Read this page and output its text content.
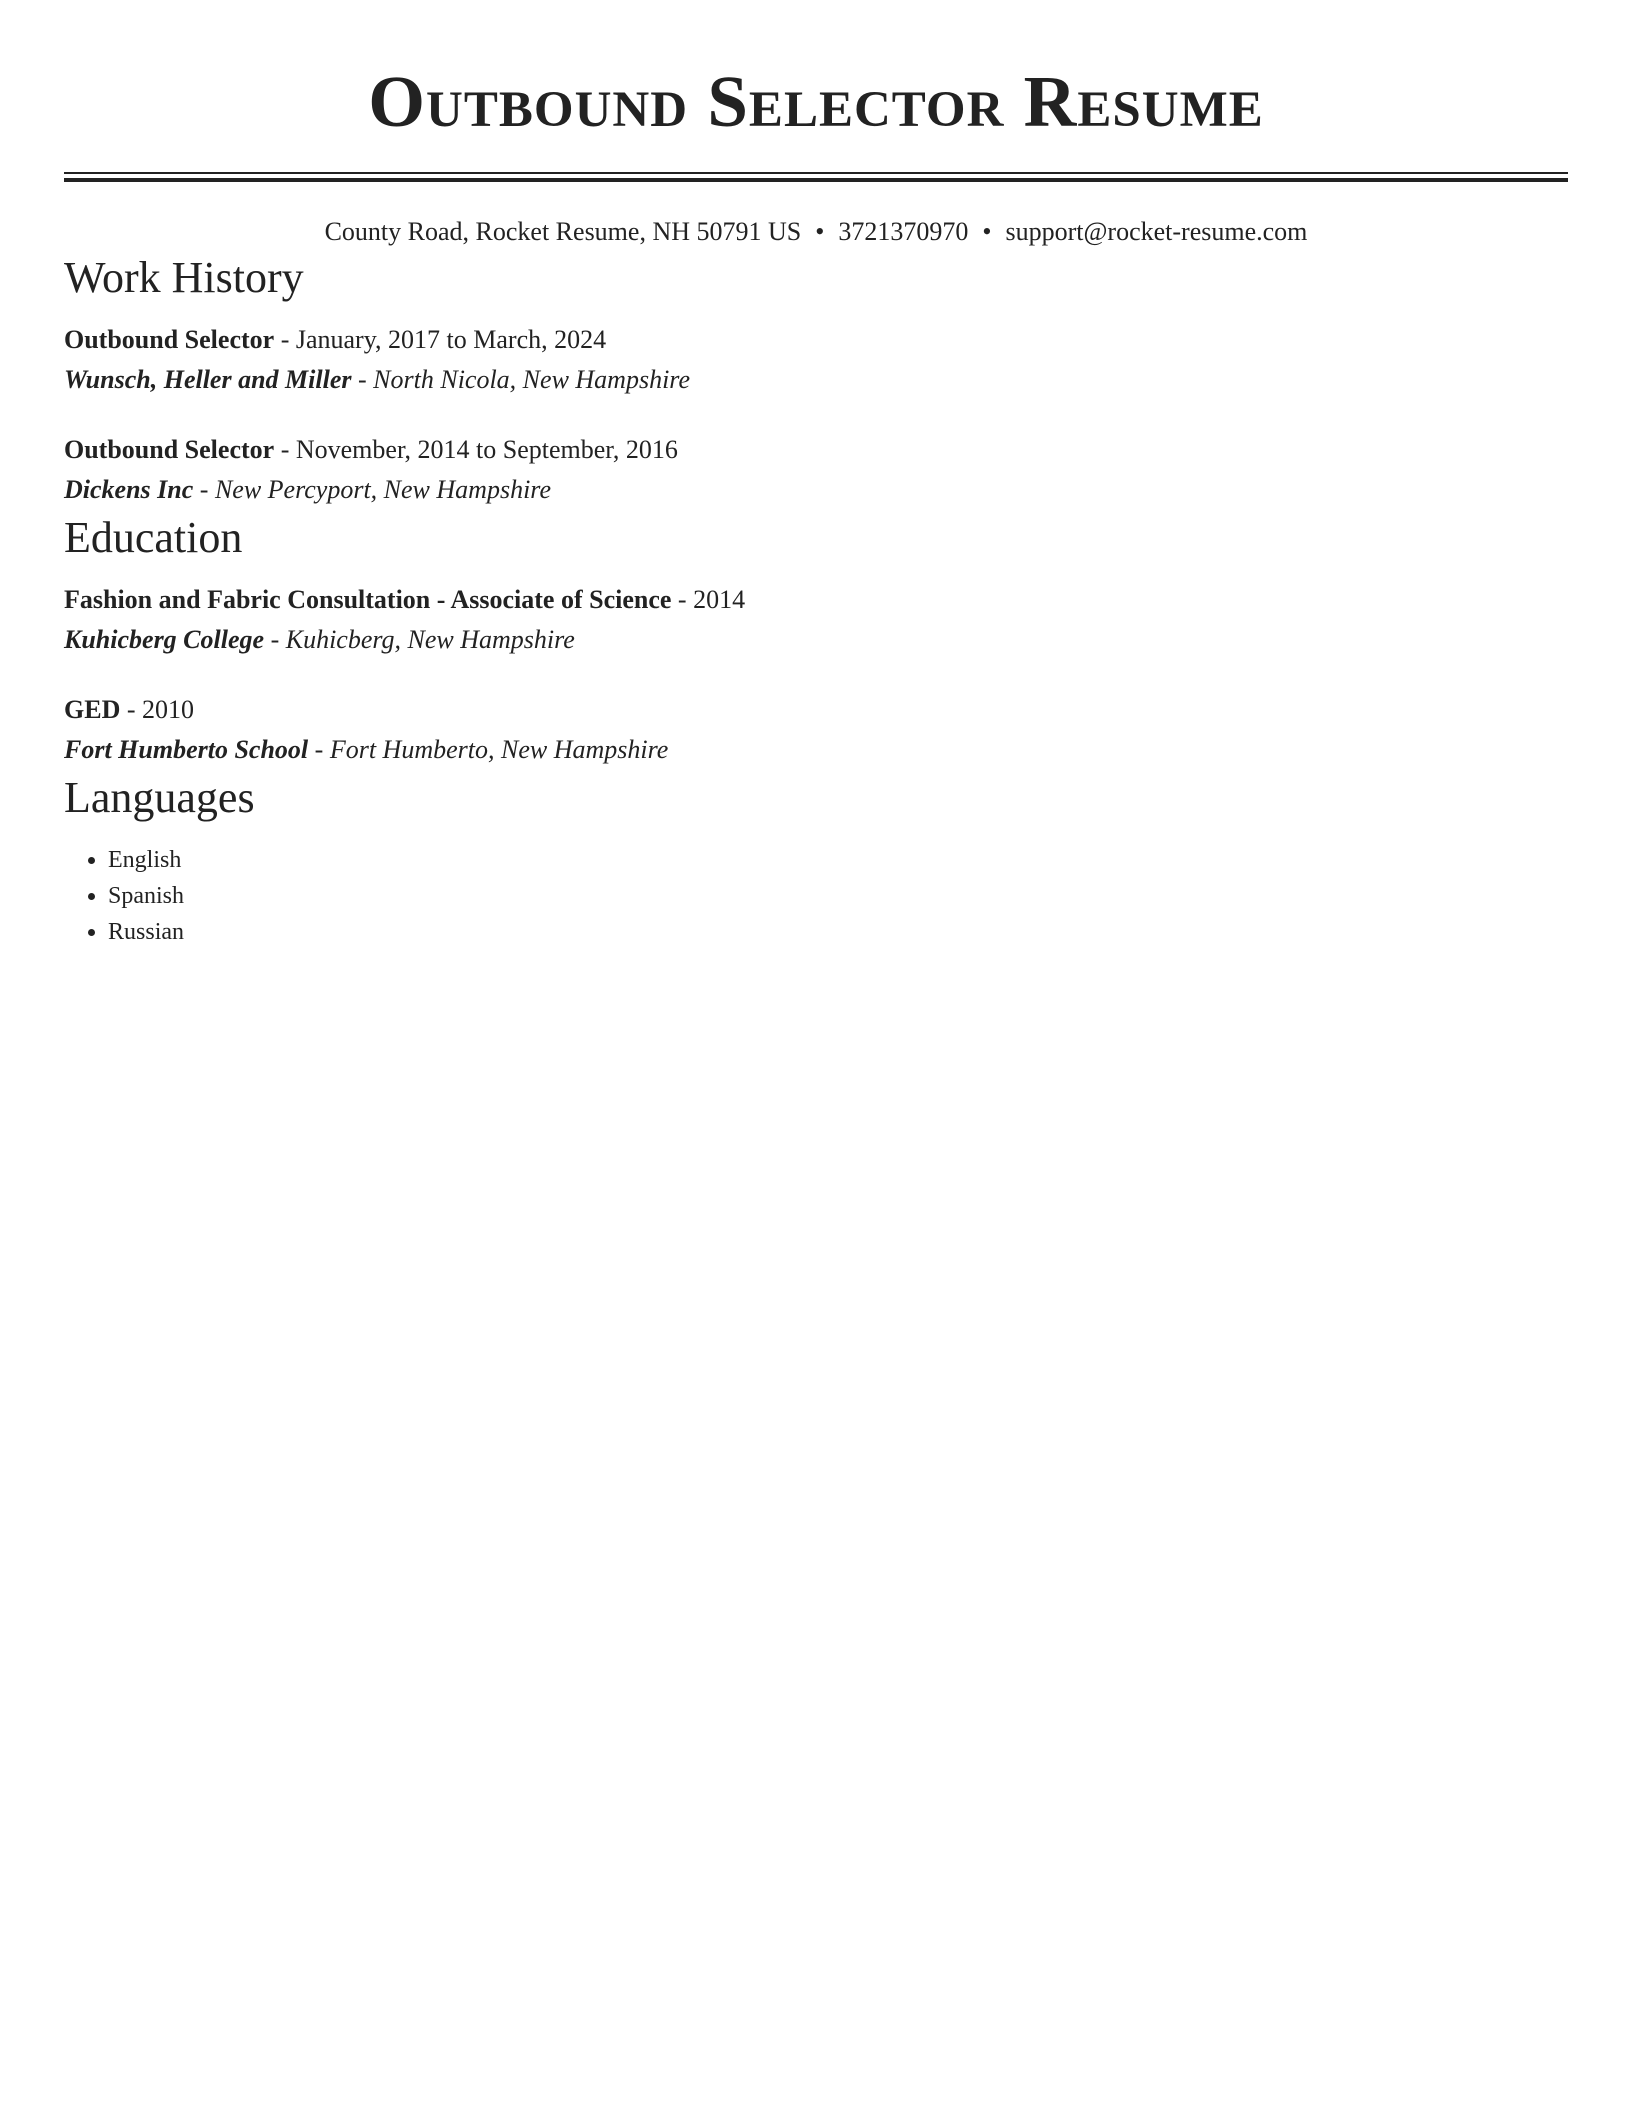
Outbound Selector Resume
County Road, Rocket Resume, NH 50791 US • 3721370970 • support@rocket-resume.com
Work History
Outbound Selector - January, 2017 to March, 2024
Wunsch, Heller and Miller - North Nicola, New Hampshire
Outbound Selector - November, 2014 to September, 2016
Dickens Inc - New Percyport, New Hampshire
Education
Fashion and Fabric Consultation - Associate of Science - 2014
Kuhicberg College - Kuhicberg, New Hampshire
GED - 2010
Fort Humberto School - Fort Humberto, New Hampshire
Languages
• English
• Spanish
• Russian
